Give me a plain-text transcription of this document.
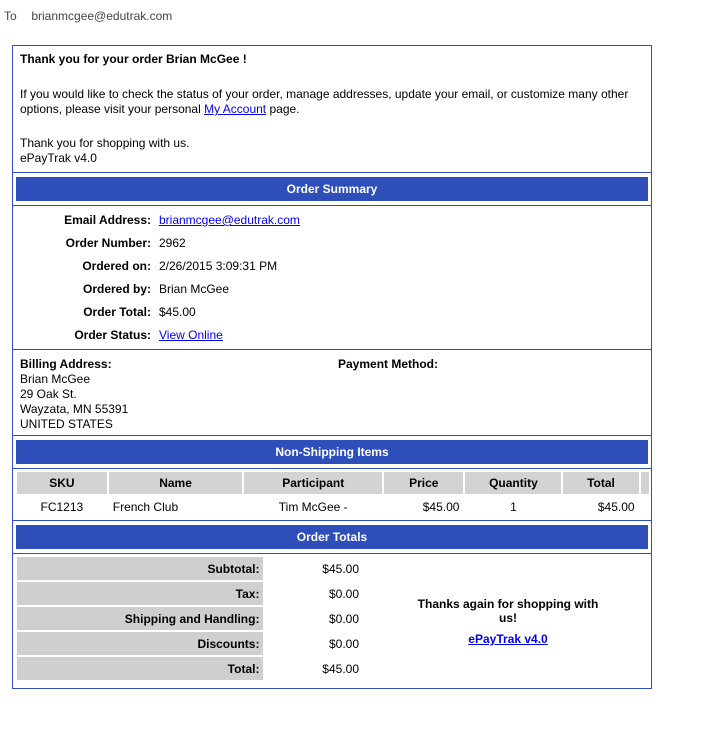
To brianmcgee@edutrak.com

Thank you for your order Brian McGee !

If you would like to check the status of your order, manage addresses, update your email, or customize many other options, please visit your personal My Account page.

Thank you for shopping with us.

ePayTrak v4.0

Order Summary
Email Address: brianmcgee@edutrak.com
Order Number: 2962
Ordered on: 2/26/2015 3:09:31 PM
Ordered by: Brian McGee
Order Total: $45.00
Order Status: View Online
Billing Address:
Brian McGee
29 Oak St.
Wayzata, MN 55391
UNITED STATES
Payment Method:
Non-Shipping Items
SKU	Name	Participant	Price	Quantity	Total	
FC1213	French Club	Tim McGee -	$45.00	1	$45.00	
Order Totals
Subtotal:	$45.00
Tax:	$0.00
Shipping and Handling:	$0.00
Discounts:	$0.00
Total:	$45.00
Thanks again for shopping with us!
ePayTrak v4.0
